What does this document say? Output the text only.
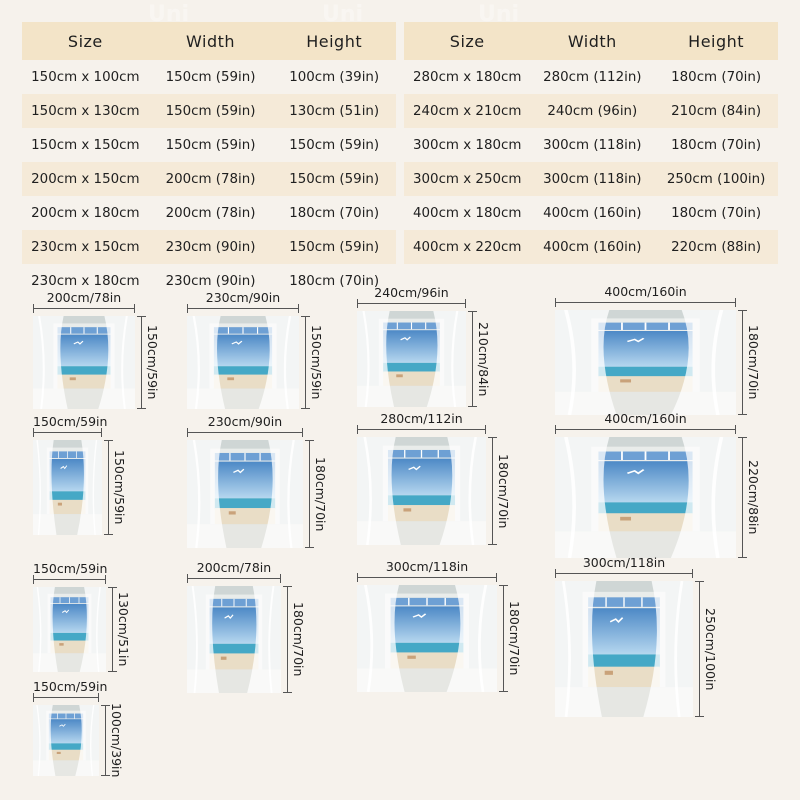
Size	Width	Height
150cm x 100cm	150cm (59in)	100cm (39in)
150cm x 130cm	150cm (59in)	130cm (51in)
150cm x 150cm	150cm (59in)	150cm (59in)
200cm x 150cm	200cm (78in)	150cm (59in)
200cm x 180cm	200cm (78in)	180cm (70in)
230cm x 150cm	230cm (90in)	150cm (59in)
230cm x 180cm	230cm (90in)	180cm (70in)
Size	Width	Height
280cm x 180cm	280cm (112in)	180cm (70in)
240cm x 210cm	240cm (96in)	210cm (84in)
300cm x 180cm	300cm (118in)	180cm (70in)
300cm x 250cm	300cm (118in)	250cm (100in)
400cm x 180cm	400cm (160in)	180cm (70in)
400cm x 220cm	400cm (160in)	220cm (88in)
200cm/78in
150cm/59in
230cm/90in
150cm/59in
240cm/96in
210cm/84in
400cm/160in
180cm/70in
150cm/59in
150cm/59in
230cm/90in
180cm/70in
280cm/112in
180cm/70in
400cm/160in
220cm/88in
150cm/59in
130cm/51in
200cm/78in
180cm/70in
300cm/118in
180cm/70in
300cm/118in
250cm/100in
150cm/59in
100cm/39in
Uni	Uni	Uni
